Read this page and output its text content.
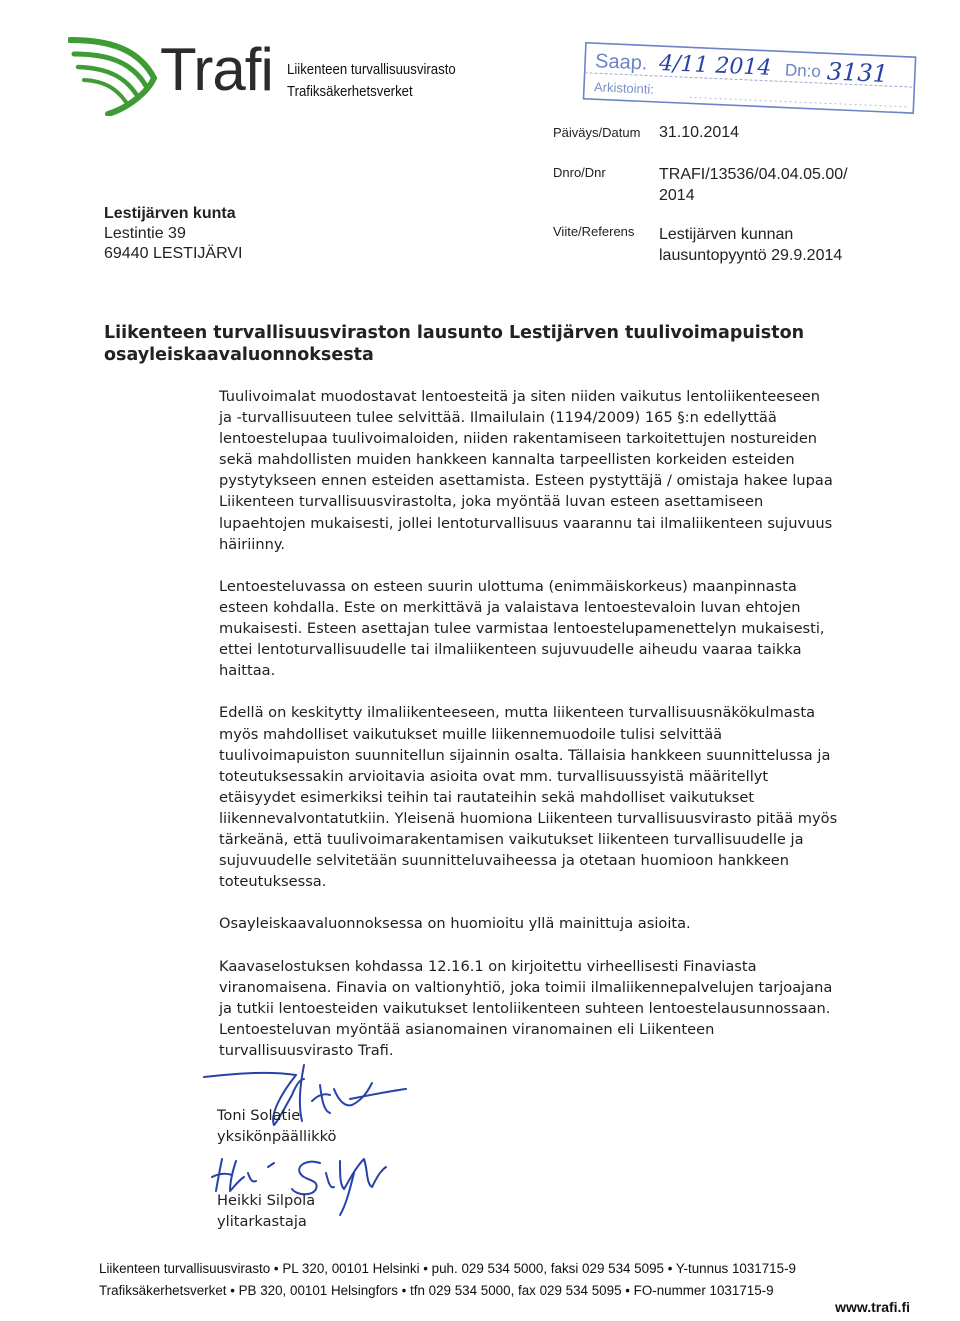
Trafi Liikenteen turvallisuusvirasto
Trafiksäkerhetsverket
Saap. 4/11 2014 Dn:o 3131
Arkistointi:
Päiväys/Datum 31.10.2014
Dnro/Dnr	TRAFI/13536/04.04.05.00/
2014
Viite/Referens Lestijärven kunnan
lausuntopyyntö 29.9.2014
Lestijärven kunta
Lestintie 39
69440 LESTIJÄRVI
Liikenteen turvallisuusviraston lausunto Lestijärven tuulivoimapuiston
osayleiskaavaluonnoksesta
Tuulivoimalat muodostavat lentoesteitä ja siten niiden vaikutus lentoliikenteeseen
ja -turvallisuuteen tulee selvittää. Ilmailulain (1194/2009) 165 §:n edellyttää
lentoestelupaa tuulivoimaloiden, niiden rakentamiseen tarkoitettujen nostureiden
sekä mahdollisten muiden hankkeen kannalta tarpeellisten korkeiden esteiden
pystytykseen ennen esteiden asettamista. Esteen pystyttäjä / omistaja hakee lupaa
Liikenteen turvallisuusvirastolta, joka myöntää luvan esteen asettamiseen
lupaehtojen mukaisesti, jollei lentoturvallisuus vaarannu tai ilmaliikenteen sujuvuus
häiriinny.
Lentoesteluvassa on esteen suurin ulottuma (enimmäiskorkeus) maanpinnasta
esteen kohdalla. Este on merkittävä ja valaistava lentoestevaloin luvan ehtojen
mukaisesti. Esteen asettajan tulee varmistaa lentoestelupamenettelyn mukaisesti,
ettei lentoturvallisuudelle tai ilmaliikenteen sujuvuudelle aiheudu vaaraa taikka
haittaa.
Edellä on keskitytty ilmaliikenteeseen, mutta liikenteen turvallisuusnäkökulmasta
myös mahdolliset vaikutukset muille liikennemuodoile tulisi selvittää
tuulivoimapuiston suunnitellun sijainnin osalta. Tällaisia hankkeen suunnittelussa ja
toteutuksessakin arvioitavia asioita ovat mm. turvallisuussyistä määritellyt
etäisyydet esimerkiksi teihin tai rautateihin sekä mahdolliset vaikutukset
liikennevalvontatutkiin. Yleisenä huomiona Liikenteen turvallisuusvirasto pitää myös
tärkeänä, että tuulivoimarakentamisen vaikutukset liikenteen turvallisuudelle ja
sujuvuudelle selvitetään suunnitteluvaiheessa ja otetaan huomioon hankkeen
toteutuksessa.
Osayleiskaavaluonnoksessa on huomioitu yllä mainittuja asioita.
Kaavaselostuksen kohdassa 12.16.1 on kirjoitettu virheellisesti Finaviasta
viranomaisena. Finavia on valtionyhtiö, joka toimii ilmaliikennepalvelujen tarjoajana
ja tutkii lentoesteiden vaikutukset lentoliikenteen suhteen lentoestelausunnossaan.
Lentoesteluvan myöntää asianomainen viranomainen eli Liikenteen
turvallisuusvirasto Trafi.
Toni Solatie
yksikönpäällikkö
Heikki Silpola
ylitarkastaja
Liikenteen turvallisuusvirasto • PL 320, 00101 Helsinki • puh. 029 534 5000, faksi 029 534 5095 • Y-tunnus 1031715-9
Trafiksäkerhetsverket • PB 320, 00101 Helsingfors • tfn 029 534 5000, fax 029 534 5095 • FO-nummer 1031715-9
www.trafi.fi
